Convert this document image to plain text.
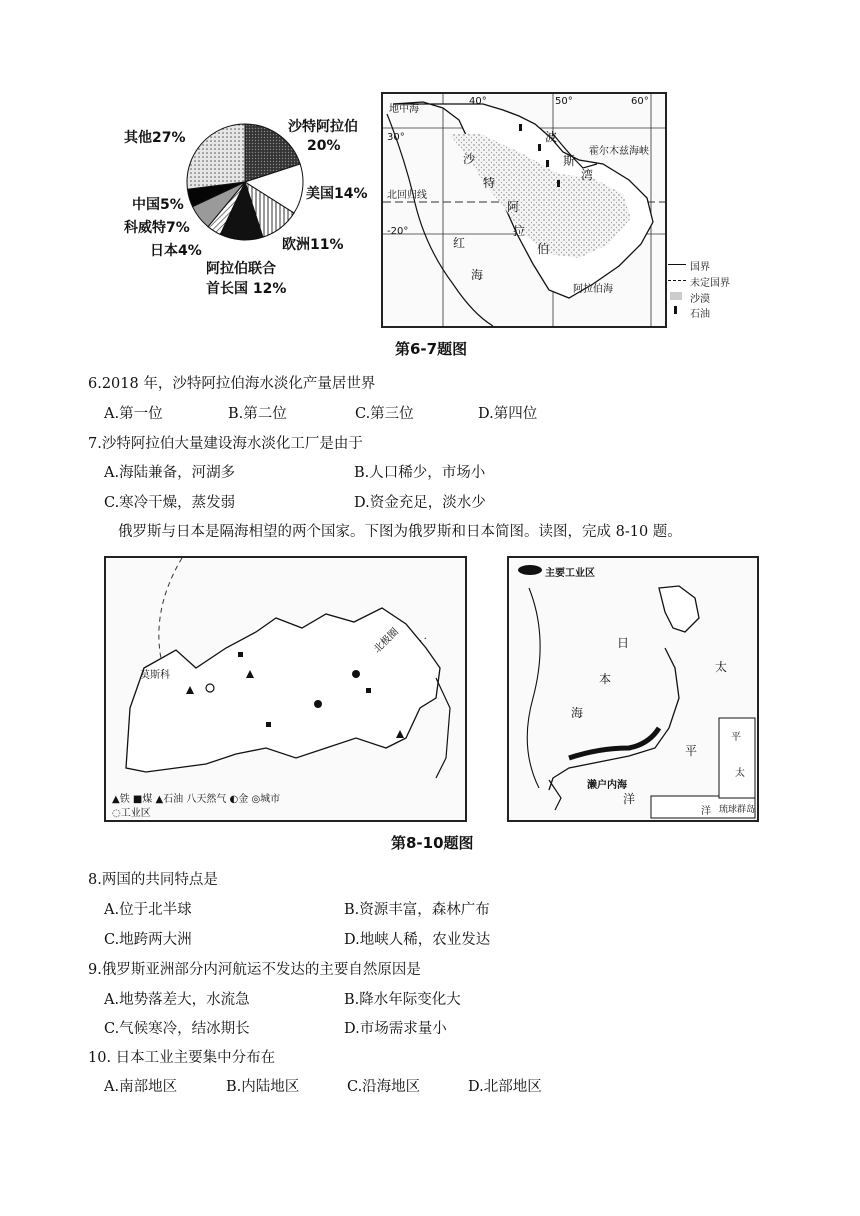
沙特阿拉伯
20%
美国14%
欧洲11%
阿拉伯联合
首长国 12%
日本4%
科威特7%
中国5%
其他27%
地中海
40°	50°	60°
30°
北回归线
-20°
红
海
沙
特
阿
拉
伯
波
斯
湾
霍尔木兹海峡
阿拉伯海
国界
未定国界
沙漠
石油
第6-7题图
6.2018 年，沙特阿拉伯海水淡化产量居世界
A.第一位	B.第二位	C.第三位	D.第四位
7.沙特阿拉伯大量建设海水淡化工厂是由于
A.海陆兼备，河湖多	B.人口稀少，市场小
C.寒冷干燥，蒸发弱	D.资金充足，淡水少
俄罗斯与日本是隔海相望的两个国家。下图为俄罗斯和日本简图。读图，完成 8-10 题。
莫斯科
北极圈
▲铁 ■煤 ▲石油 八天然气 ◐金 ◎城市
◌工业区
主要工业区
日
本
海
太
平
洋
平
太
洋
濑户内海
琉球群岛
第8-10题图
8.两国的共同特点是
A.位于北半球	B.资源丰富，森林广布
C.地跨两大洲	D.地峡人稀，农业发达
9.俄罗斯亚洲部分内河航运不发达的主要自然原因是
A.地势落差大，水流急	B.降水年际变化大
C.气候寒冷，结冰期长	D.市场需求量小
10. 日本工业主要集中分布在
A.南部地区	B.内陆地区	C.沿海地区	D.北部地区
